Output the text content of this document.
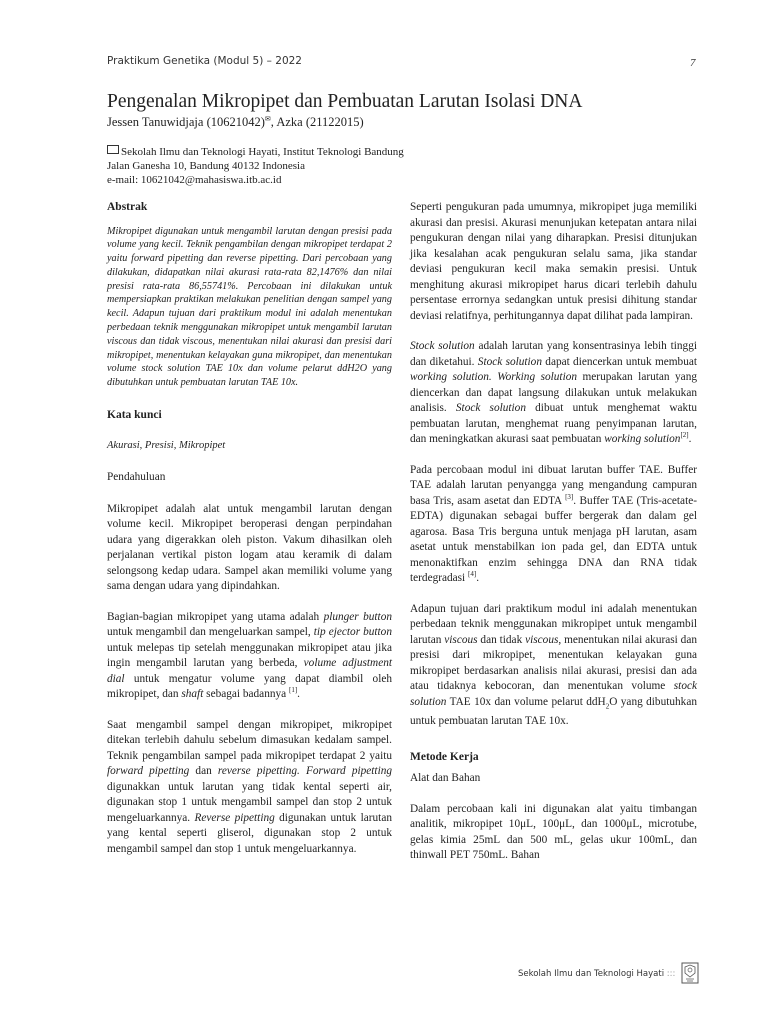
Praktikum Genetika (Modul 5) – 2022	7
Pengenalan Mikropipet dan Pembuatan Larutan Isolasi DNA
Jessen Tanuwidjaja (10621042)✉, Azka (21122015)
Sekolah Ilmu dan Teknologi Hayati, Institut Teknologi Bandung
Jalan Ganesha 10, Bandung 40132 Indonesia
e-mail: 10621042@mahasiswa.itb.ac.id

Abstrak

Mikropipet digunakan untuk mengambil larutan dengan presisi pada volume yang kecil. Teknik pengambilan dengan mikropipet terdapat 2 yaitu forward pipetting dan reverse pipetting. Dari percobaan yang dilakukan, didapatkan nilai akurasi rata-rata 82,1476% dan nilai presisi rata-rata 86,55741%. Percobaan ini dilakukan untuk mempersiapkan praktikan melakukan penelitian dengan sampel yang kecil. Adapun tujuan dari praktikum modul ini adalah menentukan perbedaan teknik menggunakan mikropipet untuk mengambil larutan viscous dan tidak viscous, menentukan nilai akurasi dan presisi dari mikropipet, menentukan kelayakan guna mikropipet, dan menentukan volume stock solution TAE 10x dan volume pelarut ddH2O yang dibutuhkan untuk pembuatan larutan TAE 10x.

Kata kunci

Akurasi, Presisi, Mikropipet

Pendahuluan

Mikropipet adalah alat untuk mengambil larutan dengan volume kecil. Mikropipet beroperasi dengan perpindahan udara yang digerakkan oleh piston. Vakum dihasilkan oleh perjalanan vertikal piston logam atau keramik di dalam selongsong kedap udara. Sampel akan memiliki volume yang sama dengan udara yang dipindahkan.

Bagian-bagian mikropipet yang utama adalah plunger button untuk mengambil dan mengeluarkan sampel, tip ejector button untuk melepas tip setelah menggunakan mikropipet atau jika ingin mengambil larutan yang berbeda, volume adjustment dial untuk mengatur volume yang dapat diambil oleh mikropipet, dan shaft sebagai badannya [1].

Saat mengambil sampel dengan mikropipet, mikropipet ditekan terlebih dahulu sebelum dimasukan kedalam sampel. Teknik pengambilan sampel pada mikropipet terdapat 2 yaitu forward pipetting dan reverse pipetting. Forward pipetting digunakkan untuk larutan yang tidak kental seperti air, digunakan stop 1 untuk mengambil sampel dan stop 2 untuk mengeluarkannya. Reverse pipetting digunakan untuk larutan yang kental seperti gliserol, digunakan stop 2 untuk mengambil sampel dan stop 1 untuk mengeluarkannya.

Seperti pengukuran pada umumnya, mikropipet juga memiliki akurasi dan presisi. Akurasi menunjukan ketepatan antara nilai pengukuran dengan nilai yang diharapkan. Presisi ditunjukan jika kesalahan acak pengukuran selalu sama, jika standar deviasi pengukuran kecil maka semakin presisi. Untuk menghitung akurasi mikropipet harus dicari terlebih dahulu persentase errornya sedangkan untuk presisi dihitung standar deviasi relatifnya, perhitungannya dapat dilihat pada lampiran.

Stock solution adalah larutan yang konsentrasinya lebih tinggi dan diketahui. Stock solution dapat diencerkan untuk membuat working solution. Working solution merupakan larutan yang diencerkan dan dapat langsung dilakukan untuk melakukan analisis. Stock solution dibuat untuk menghemat waktu pembuatan larutan, menghemat ruang penyimpanan larutan, dan meningkatkan akurasi saat pembuatan working solution[2].

Pada percobaan modul ini dibuat larutan buffer TAE. Buffer TAE adalah larutan penyangga yang mengandung campuran basa Tris, asam asetat dan EDTA [3]. Buffer TAE (Tris-acetate-EDTA) digunakan sebagai buffer bergerak dan dalam gel agarosa. Basa Tris berguna untuk menjaga pH larutan, asam asetat untuk menstabilkan ion pada gel, dan EDTA untuk menonaktifkan enzim sehingga DNA dan RNA tidak terdegradasi [4].

Adapun tujuan dari praktikum modul ini adalah menentukan perbedaan teknik menggunakan mikropipet untuk mengambil larutan viscous dan tidak viscous, menentukan nilai akurasi dan presisi dari mikropipet, menentukan kelayakan guna mikropipet berdasarkan analisis nilai akurasi, presisi dan ada atau tidaknya kebocoran, dan menentukan volume stock solution TAE 10x dan volume pelarut ddH$_2$O yang dibutuhkan untuk pembuatan larutan TAE 10x.

Metode Kerja

Alat dan Bahan

Dalam percobaan kali ini digunakan alat yaitu timbangan analitik, mikropipet 10μL, 100μL, dan 1000μL, microtube, gelas kimia 25mL dan 500 mL, gelas ukur 100mL, dan thinwall PET 750mL. Bahan

Sekolah Ilmu dan Teknologi Hayati :::
